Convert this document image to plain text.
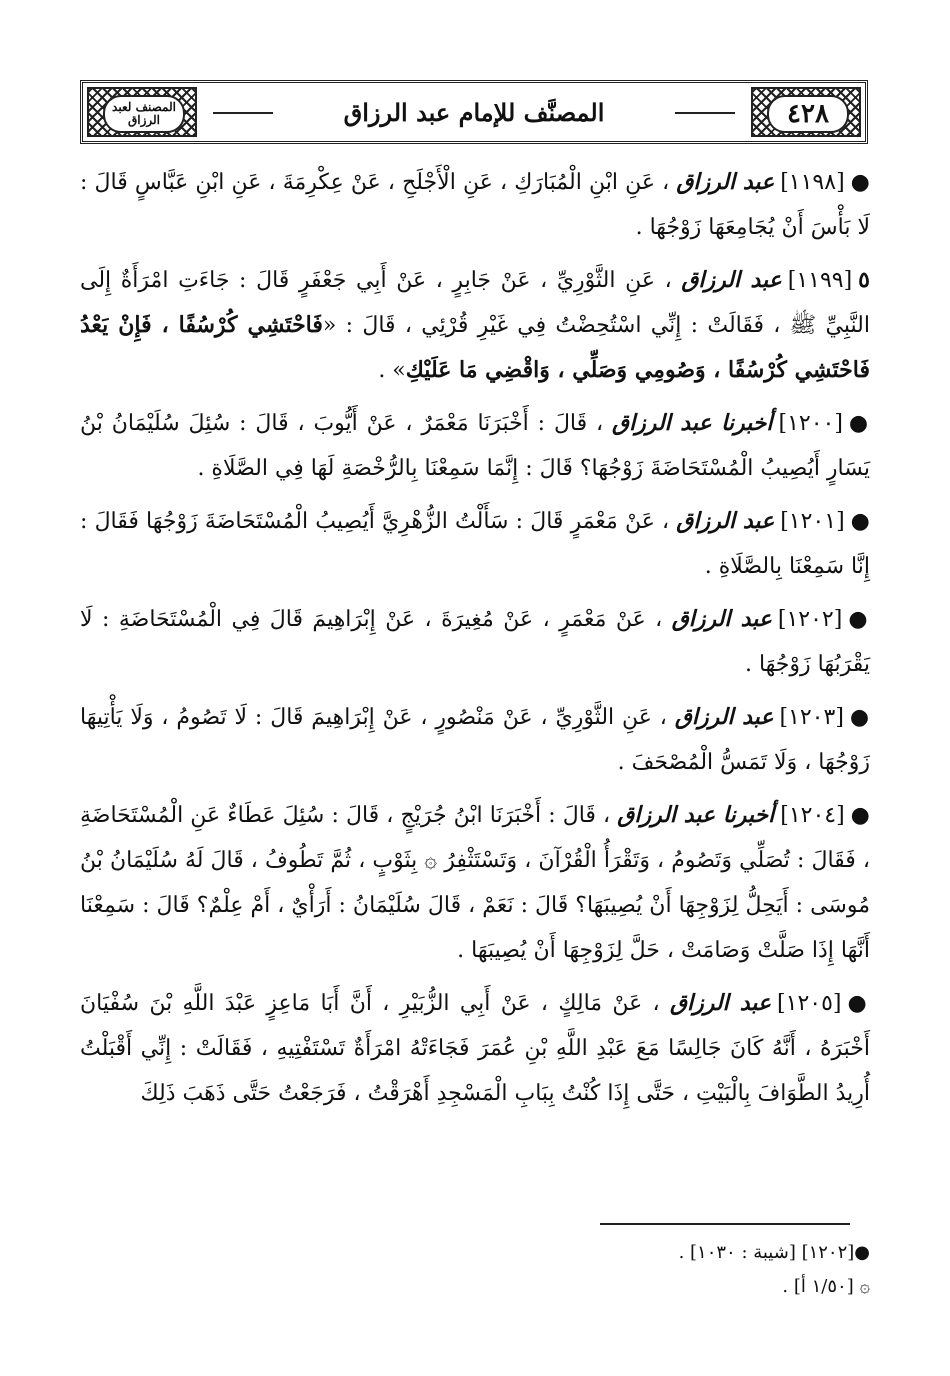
٤٢٨
المصنَّف للإمام عبد الرزاق
المصنف لعبد الرزاق

●[١١٩٨]عبد الرزاق ، عَنِ ابْنِ الْمُبَارَكِ ، عَنِ الْأَجْلَحِ ، عَنْ عِكْرِمَةَ ، عَنِ ابْنِ عَبَّاسٍ قَالَ : لَا بَأْسَ أَنْ يُجَامِعَهَا زَوْجُهَا .

٥[١١٩٩]عبد الرزاق ، عَنِ الثَّوْرِيِّ ، عَنْ جَابِرٍ ، عَنْ أَبِي جَعْفَرٍ قَالَ : جَاءَتِ امْرَأَةٌ إِلَى النَّبِيِّ ﷺ ، فَقَالَتْ : إِنِّي اسْتُحِضْتُ فِي غَيْرِ قُرْئِي ، قَالَ : «فَاحْتَشِي كُرْسُفًا ، فَإِنْ يَعْدُ فَاحْتَشِي كُرْسُفًا ، وَصُومِي وَصَلِّي ، وَاقْضِي مَا عَلَيْكِ» .

●[١٢٠٠]أخبرنا عبد الرزاق ، قَالَ : أَخْبَرَنَا مَعْمَرٌ ، عَنْ أَيُّوبَ ، قَالَ : سُئِلَ سُلَيْمَانُ بْنُ يَسَارٍ أَيُصِيبُ الْمُسْتَحَاضَةَ زَوْجُهَا؟ قَالَ : إِنَّمَا سَمِعْنَا بِالرُّخْصَةِ لَهَا فِي الصَّلَاةِ .

●[١٢٠١]عبد الرزاق ، عَنْ مَعْمَرٍ قَالَ : سَأَلْتُ الزُّهْرِيَّ أَيُصِيبُ الْمُسْتَحَاضَةَ زَوْجُهَا فَقَالَ : إِنَّا سَمِعْنَا بِالصَّلَاةِ .

●[١٢٠٢]عبد الرزاق ، عَنْ مَعْمَرٍ ، عَنْ مُغِيرَةَ ، عَنْ إِبْرَاهِيمَ قَالَ فِي الْمُسْتَحَاضَةِ : لَا يَقْرَبُهَا زَوْجُهَا .

●[١٢٠٣]عبد الرزاق ، عَنِ الثَّوْرِيِّ ، عَنْ مَنْصُورٍ ، عَنْ إِبْرَاهِيمَ قَالَ : لَا تَصُومُ ، وَلَا يَأْتِيهَا زَوْجُهَا ، وَلَا تَمَسُّ الْمُصْحَفَ .

●[١٢٠٤]أخبرنا عبد الرزاق ، قَالَ : أَخْبَرَنَا ابْنُ جُرَيْجٍ ، قَالَ : سُئِلَ عَطَاءٌ عَنِ الْمُسْتَحَاضَةِ ، فَقَالَ : تُصَلِّي وَتَصُومُ ، وَتَقْرَأُ الْقُرْآنَ ، وَتَسْتَثْفِرُ ۞ بِثَوْبٍ ، ثُمَّ تَطُوفُ ، قَالَ لَهُ سُلَيْمَانُ بْنُ مُوسَى : أَيَحِلُّ لِزَوْجِهَا أَنْ يُصِيبَهَا؟ قَالَ : نَعَمْ ، قَالَ سُلَيْمَانُ : أَرَأْيٌ ، أَمْ عِلْمٌ؟ قَالَ : سَمِعْنَا أَنَّهَا إِذَا صَلَّتْ وَصَامَتْ ، حَلَّ لِزَوْجِهَا أَنْ يُصِيبَهَا .

●[١٢٠٥]عبد الرزاق ، عَنْ مَالِكٍ ، عَنْ أَبِي الزُّبَيْرِ ، أَنَّ أَبَا مَاعِزٍ عَبْدَ اللَّهِ بْنَ سُفْيَانَ أَخْبَرَهُ ، أَنَّهُ كَانَ جَالِسًا مَعَ عَبْدِ اللَّهِ بْنِ عُمَرَ فَجَاءَتْهُ امْرَأَةٌ تَسْتَفْتِيهِ ، فَقَالَتْ : إِنِّي أَقْبَلْتُ أُرِيدُ الطَّوَافَ بِالْبَيْتِ ، حَتَّى إِذَا كُنْتُ بِبَابِ الْمَسْجِدِ أَهْرَقْتُ ، فَرَجَعْتُ حَتَّى ذَهَبَ ذَلِكَ

●[١٢٠٢] [شيبة : ١٠٣٠] .

۞ [١/٥٠ أ] .
